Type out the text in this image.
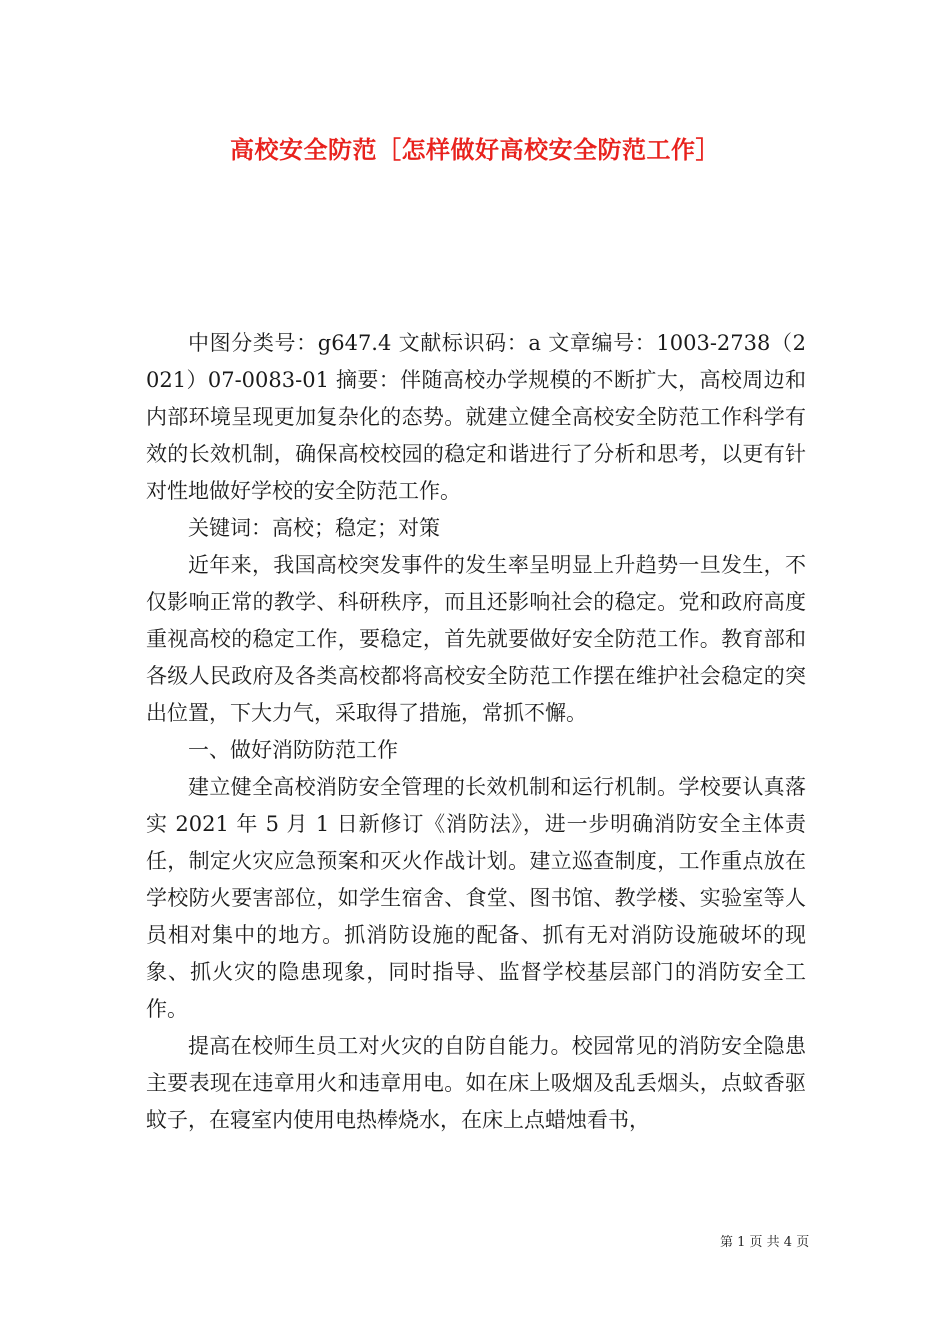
高校安全防范［怎样做好高校安全防范工作］

中图分类号：g647.4 文献标识码：a 文章编号：1003-2738（2021）07-0083-01 摘要：伴随高校办学规模的不断扩大，高校周边和内部环境呈现更加复杂化的态势。就建立健全高校安全防范工作科学有效的长效机制，确保高校校园的稳定和谐进行了分析和思考，以更有针对性地做好学校的安全防范工作。

关键词：高校；稳定；对策

近年来，我国高校突发事件的发生率呈明显上升趋势一旦发生，不仅影响正常的教学、科研秩序，而且还影响社会的稳定。党和政府高度重视高校的稳定工作，要稳定，首先就要做好安全防范工作。教育部和各级人民政府及各类高校都将高校安全防范工作摆在维护社会稳定的突出位置，下大力气，采取得了措施，常抓不懈。

一、做好消防防范工作

建立健全高校消防安全管理的长效机制和运行机制。学校要认真落实 2021 年 5 月 1 日新修订《消防法》，进一步明确消防安全主体责任，制定火灾应急预案和灭火作战计划。建立巡查制度，工作重点放在学校防火要害部位，如学生宿舍、食堂、图书馆、教学楼、实验室等人员相对集中的地方。抓消防设施的配备、抓有无对消防设施破坏的现象、抓火灾的隐患现象，同时指导、监督学校基层部门的消防安全工作。

提高在校师生员工对火灾的自防自能力。校园常见的消防安全隐患主要表现在违章用火和违章用电。如在床上吸烟及乱丢烟头，点蚊香驱蚊子，在寝室内使用电热棒烧水，在床上点蜡烛看书，

第 1 页 共 4 页
